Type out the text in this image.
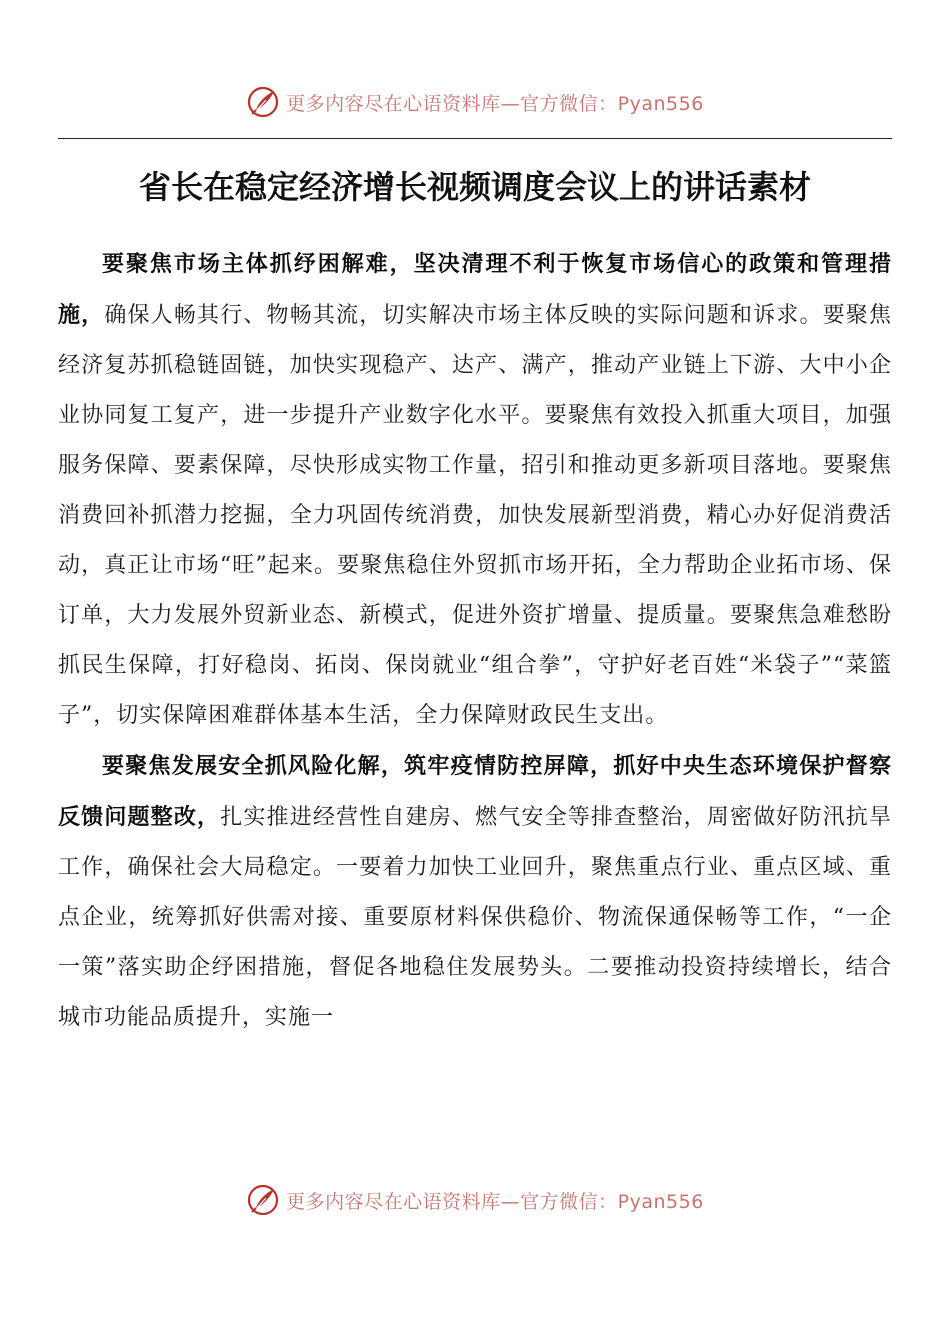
更多内容尽在心语资料库—官方微信：Pyan556
省长在稳定经济增长视频调度会议上的讲话素材

要聚焦市场主体抓纾困解难，坚决清理不利于恢复市场信心的政策和管理措施，确保人畅其行、物畅其流，切实解决市场主体反映的实际问题和诉求。要聚焦经济复苏抓稳链固链，加快实现稳产、达产、满产，推动产业链上下游、大中小企业协同复工复产，进一步提升产业数字化水平。要聚焦有效投入抓重大项目，加强服务保障、要素保障，尽快形成实物工作量，招引和推动更多新项目落地。要聚焦消费回补抓潜力挖掘，全力巩固传统消费，加快发展新型消费，精心办好促消费活动，真正让市场“旺”起来。要聚焦稳住外贸抓市场开拓，全力帮助企业拓市场、保订单，大力发展外贸新业态、新模式，促进外资扩增量、提质量。要聚焦急难愁盼抓民生保障，打好稳岗、拓岗、保岗就业“组合拳”，守护好老百姓“米袋子”“菜篮子”，切实保障困难群体基本生活，全力保障财政民生支出。

要聚焦发展安全抓风险化解，筑牢疫情防控屏障，抓好中央生态环境保护督察反馈问题整改，扎实推进经营性自建房、燃气安全等排查整治，周密做好防汛抗旱工作，确保社会大局稳定。一要着力加快工业回升，聚焦重点行业、重点区域、重点企业，统筹抓好供需对接、重要原材料保供稳价、物流保通保畅等工作，“一企一策”落实助企纾困措施，督促各地稳住发展势头。二要推动投资持续增长，结合城市功能品质提升，实施一

更多内容尽在心语资料库—官方微信：Pyan556
